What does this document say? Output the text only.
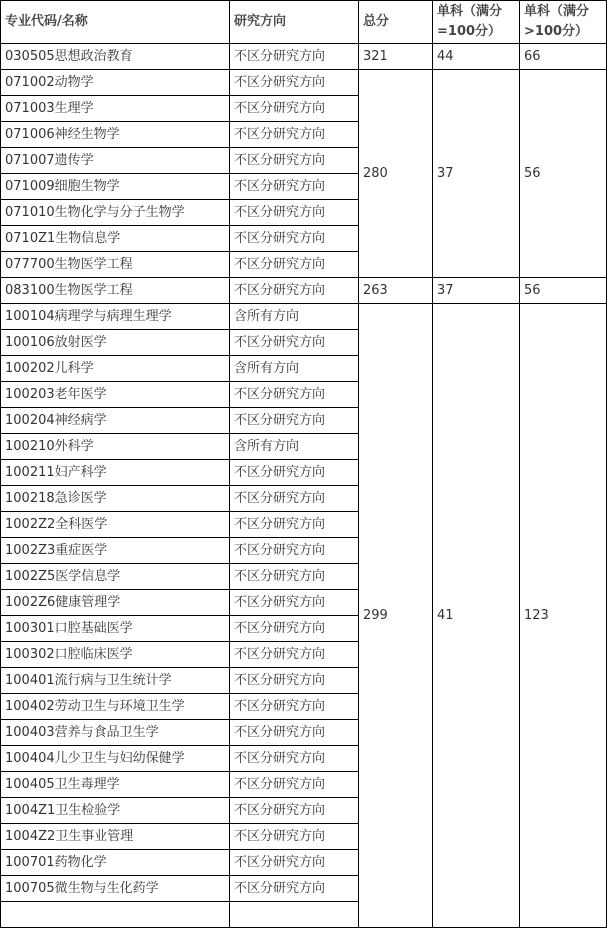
专业代码/名称	研究方向	总分	单科（满分=100分）	单科（满分>100分）
030505思想政治教育	不区分研究方向	321	44	66
071002动物学	不区分研究方向	280	37	56
071003生理学	不区分研究方向			
071006神经生物学	不区分研究方向			
071007遗传学	不区分研究方向			
071009细胞生物学	不区分研究方向			
071010生物化学与分子生物学	不区分研究方向			
0710Z1生物信息学	不区分研究方向			
077700生物医学工程	不区分研究方向			
083100生物医学工程	不区分研究方向	263	37	56
100104病理学与病理生理学	含所有方向	299	41	123
100106放射医学	不区分研究方向			
100202儿科学	含所有方向			
100203老年医学	不区分研究方向			
100204神经病学	不区分研究方向			
100210外科学	含所有方向			
100211妇产科学	不区分研究方向			
100218急诊医学	不区分研究方向			
1002Z2全科医学	不区分研究方向			
1002Z3重症医学	不区分研究方向			
1002Z5医学信息学	不区分研究方向			
1002Z6健康管理学	不区分研究方向			
100301口腔基础医学	不区分研究方向			
100302口腔临床医学	不区分研究方向			
100401流行病与卫生统计学	不区分研究方向			
100402劳动卫生与环境卫生学	不区分研究方向			
100403营养与食品卫生学	不区分研究方向			
100404儿少卫生与妇幼保健学	不区分研究方向			
100405卫生毒理学	不区分研究方向			
1004Z1卫生检验学	不区分研究方向			
1004Z2卫生事业管理	不区分研究方向			
100701药物化学	不区分研究方向			
100705微生物与生化药学	不区分研究方向			
